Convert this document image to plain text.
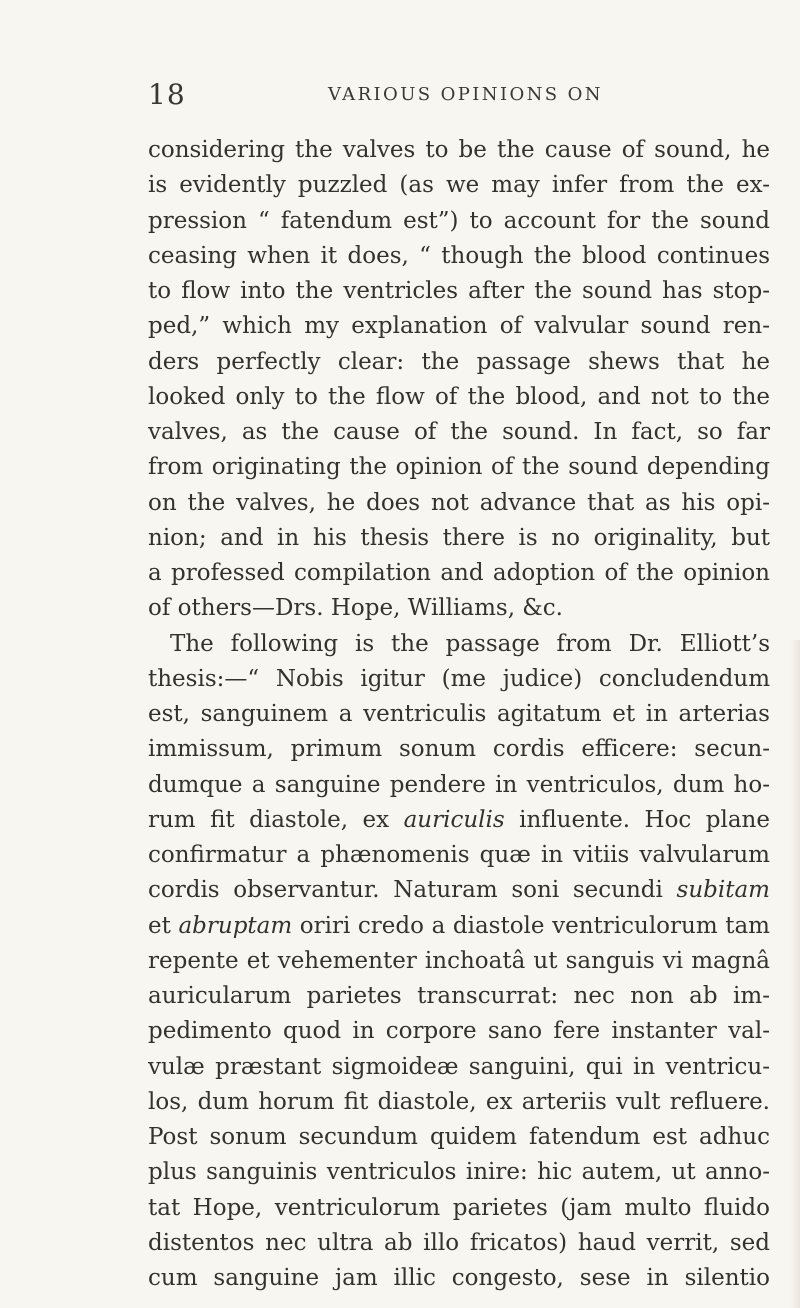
18	VARIOUS OPINIONS ON
considering the valves to be the cause of sound, he
is evidently puzzled (as we may infer from the ex-
pression “ fatendum est”) to account for the sound
ceasing when it does, “ though the blood continues
to flow into the ventricles after the sound has stop-
ped,” which my explanation of valvular sound ren-
ders perfectly clear: the passage shews that he
looked only to the flow of the blood, and not to the
valves, as the cause of the sound. In fact, so far
from originating the opinion of the sound depending
on the valves, he does not advance that as his opi-
nion; and in his thesis there is no originality, but
a professed compilation and adoption of the opinion
of others—Drs. Hope, Williams, &c.
The following is the passage from Dr. Elliott’s
thesis:—“ Nobis igitur (me judice) concludendum
est, sanguinem a ventriculis agitatum et in arterias
immissum, primum sonum cordis efficere: secun-
dumque a sanguine pendere in ventriculos, dum ho-
rum fit diastole, ex auriculis influente. Hoc plane
confirmatur a phænomenis quæ in vitiis valvularum
cordis observantur. Naturam soni secundi subitam
et abruptam oriri credo a diastole ventriculorum tam
repente et vehementer inchoatâ ut sanguis vi magnâ
auricularum parietes transcurrat: nec non ab im-
pedimento quod in corpore sano fere instanter val-
vulæ præstant sigmoideæ sanguini, qui in ventricu-
los, dum horum fit diastole, ex arteriis vult refluere.
Post sonum secundum quidem fatendum est adhuc
plus sanguinis ventriculos inire: hic autem, ut anno-
tat Hope, ventriculorum parietes (jam multo fluido
distentos nec ultra ab illo fricatos) haud verrit, sed
cum sanguine jam illic congesto, sese in silentio
